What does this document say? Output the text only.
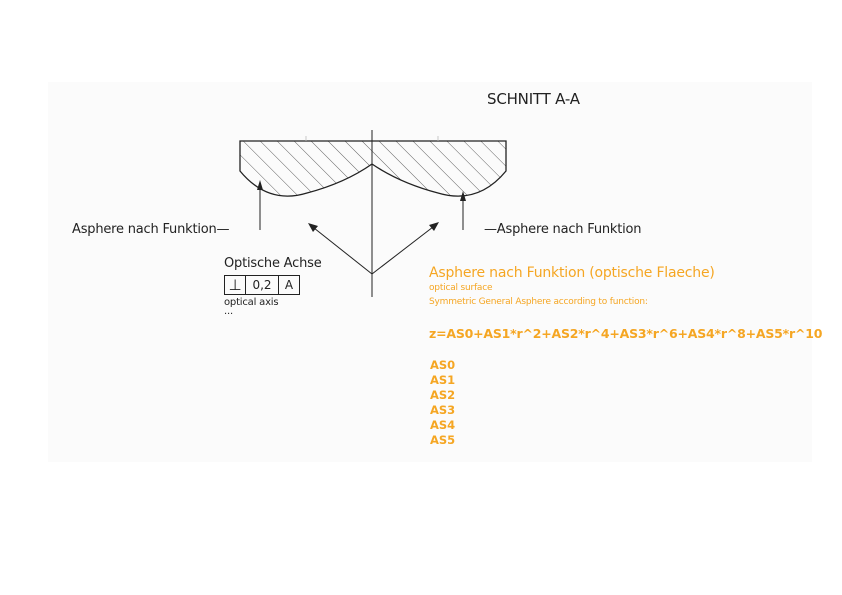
SCHNITT A-A
Asphere nach Funktion—	—Asphere nach Funktion
Optische Achse
⊥ 0,2	A
optical axis
...
Asphere nach Funktion (optische Flaeche)
optical surface
Symmetric General Asphere according to function:
z=AS0+AS1*r^2+AS2*r^4+AS3*r^6+AS4*r^8+AS5*r^10
AS0
AS1
AS2
AS3
AS4
AS5
